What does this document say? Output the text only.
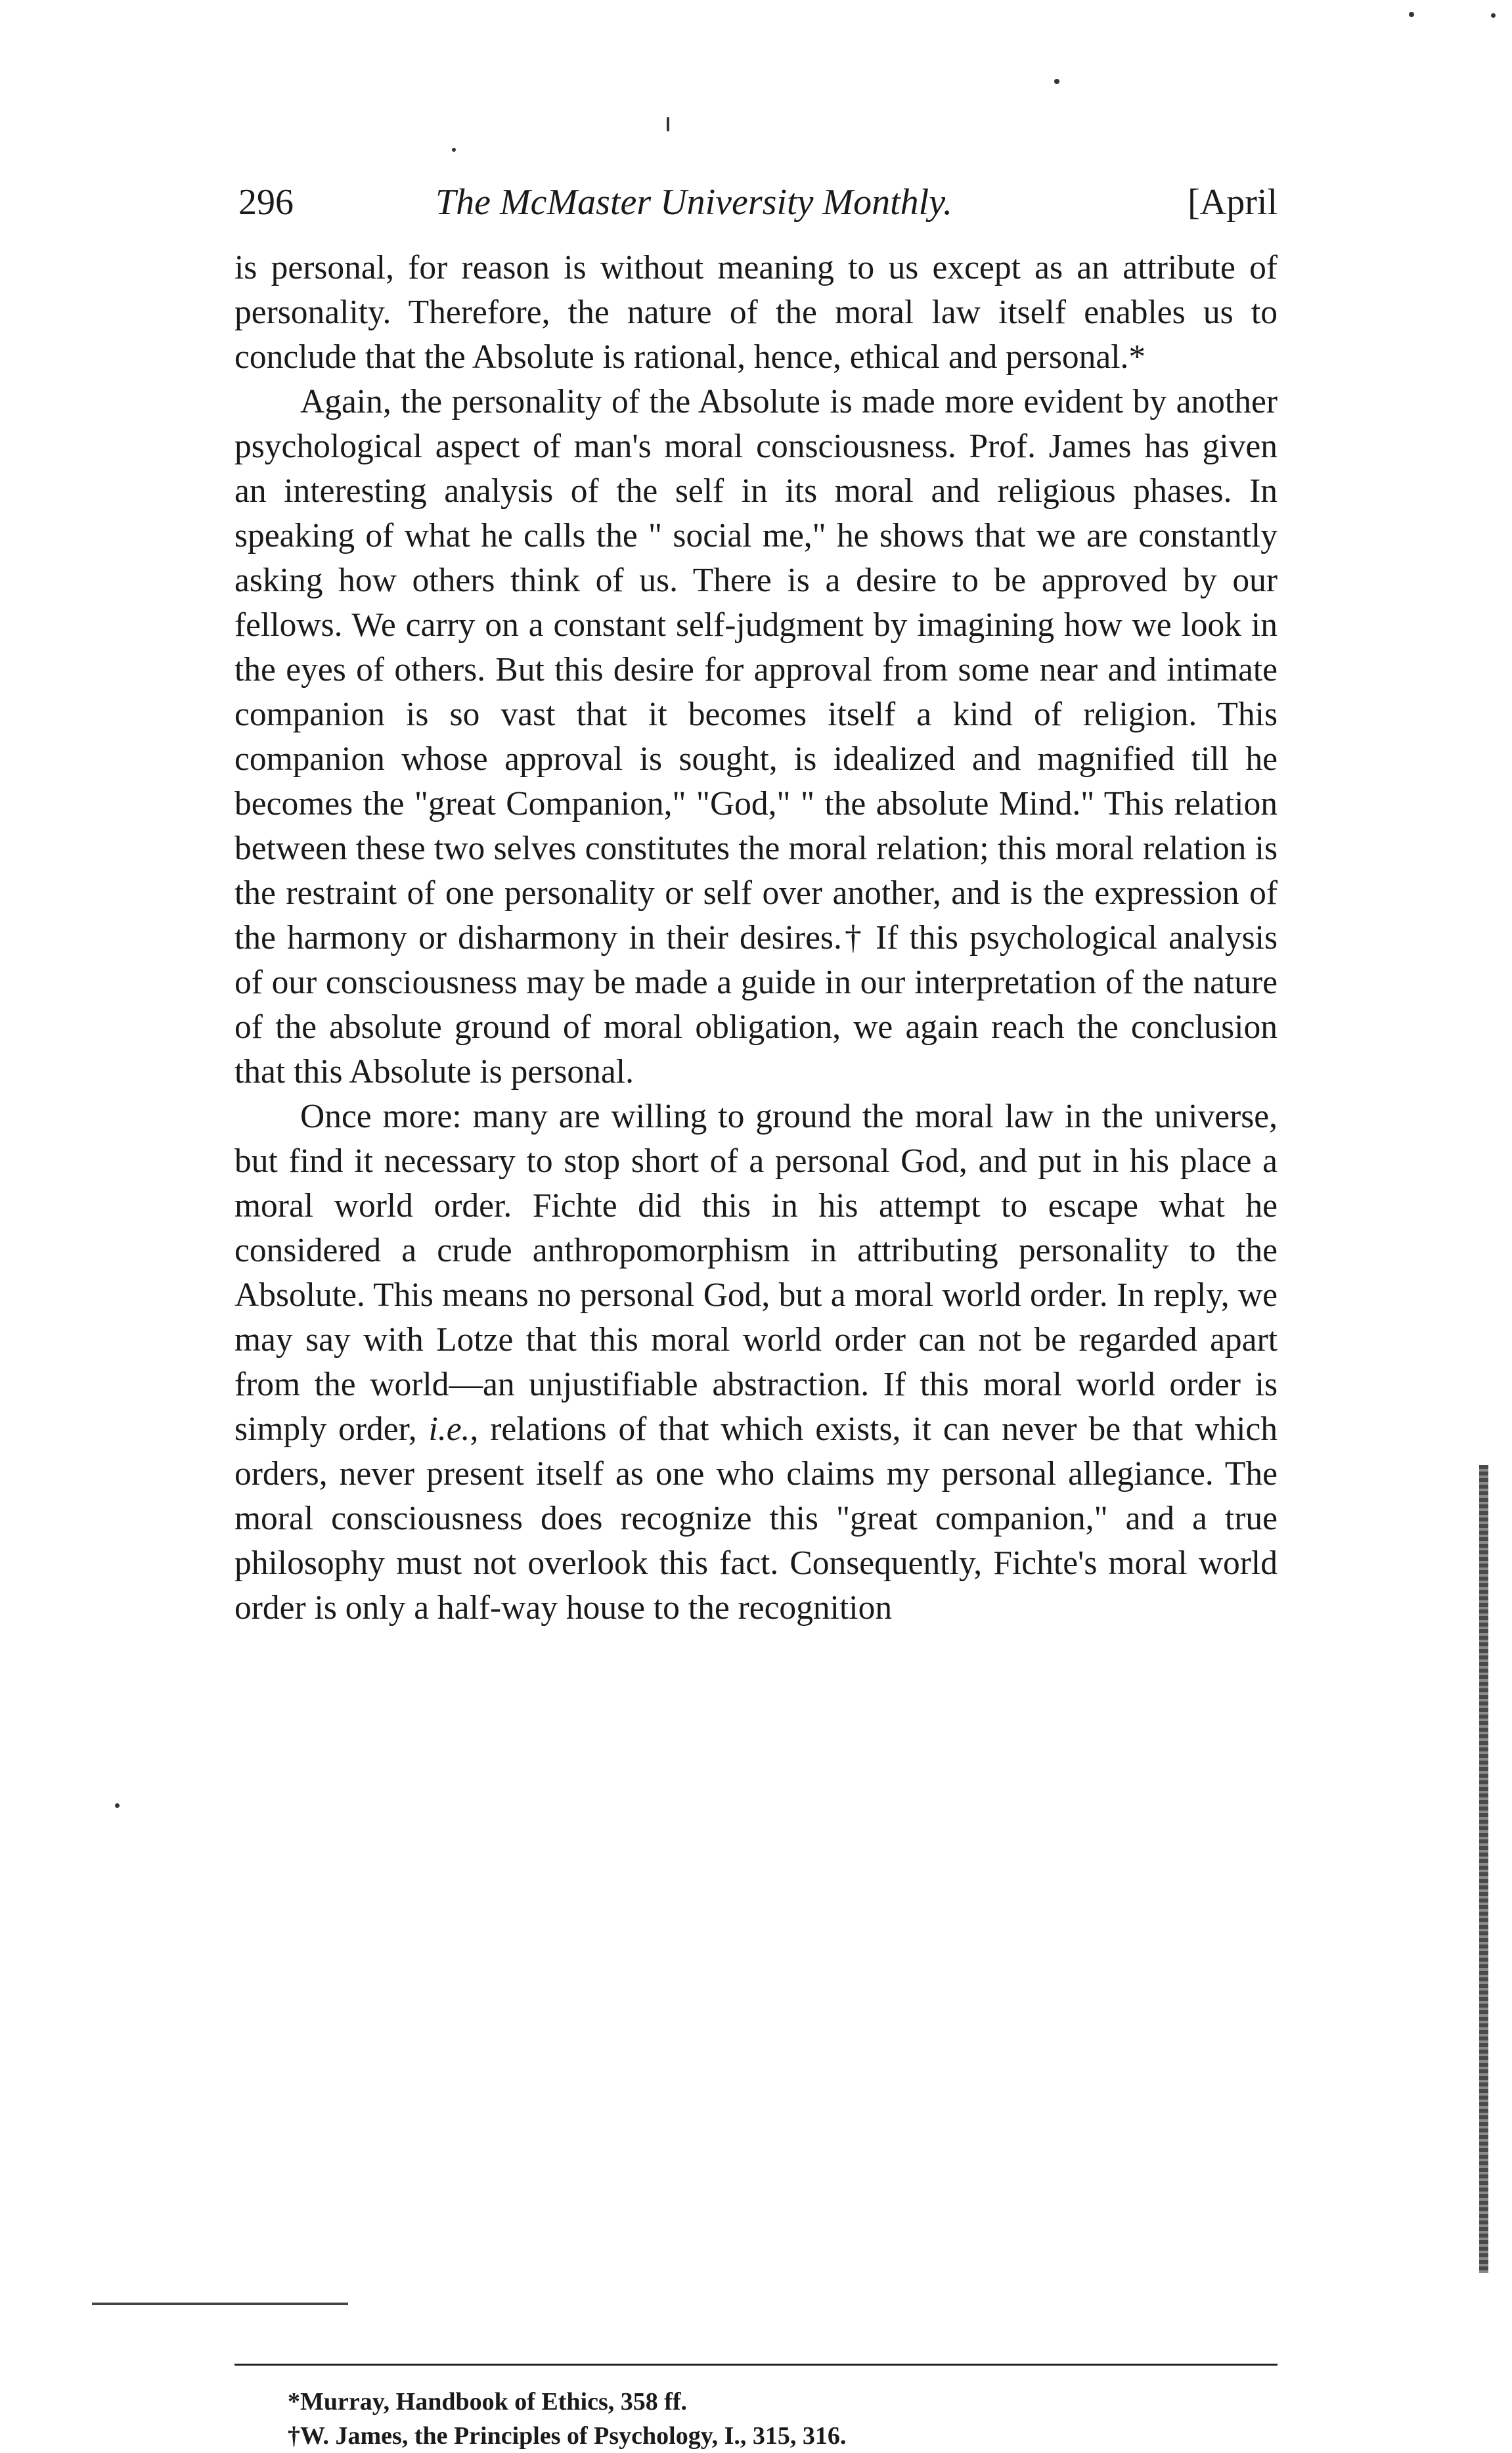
296	The McMaster University Monthly.	[April

is personal, for reason is without meaning to us except as an attribute of personality. Therefore, the nature of the moral law itself enables us to conclude that the Absolute is rational, hence, ethical and personal.*

Again, the personality of the Absolute is made more evident by another psychological aspect of man's moral consciousness. Prof. James has given an interesting analysis of the self in its moral and religious phases. In speaking of what he calls the " social me," he shows that we are constantly asking how others think of us. There is a desire to be approved by our fellows. We carry on a constant self-judgment by imagining how we look in the eyes of others. But this desire for approval from some near and intimate companion is so vast that it becomes itself a kind of religion. This companion whose approval is sought, is idealized and magnified till he becomes the "great Companion," "God," " the absolute Mind." This relation between these two selves constitutes the moral relation; this moral relation is the restraint of one personality or self over another, and is the expression of the harmony or disharmony in their desires.† If this psychological analysis of our consciousness may be made a guide in our interpretation of the nature of the absolute ground of moral obligation, we again reach the conclusion that this Absolute is personal.

Once more: many are willing to ground the moral law in the universe, but find it necessary to stop short of a personal God, and put in his place a moral world order. Fichte did this in his attempt to escape what he considered a crude anthropomorphism in attributing personality to the Absolute. This means no personal God, but a moral world order. In reply, we may say with Lotze that this moral world order can not be regarded apart from the world—an unjustifiable abstraction. If this moral world order is simply order, i.e., relations of that which exists, it can never be that which orders, never present itself as one who claims my personal allegiance. The moral consciousness does recognize this "great companion," and a true philosophy must not overlook this fact. Consequently, Fichte's moral world order is only a half-way house to the recognition

*Murray, Handbook of Ethics, 358 ff.
†W. James, the Principles of Psychology, I., 315, 316.
